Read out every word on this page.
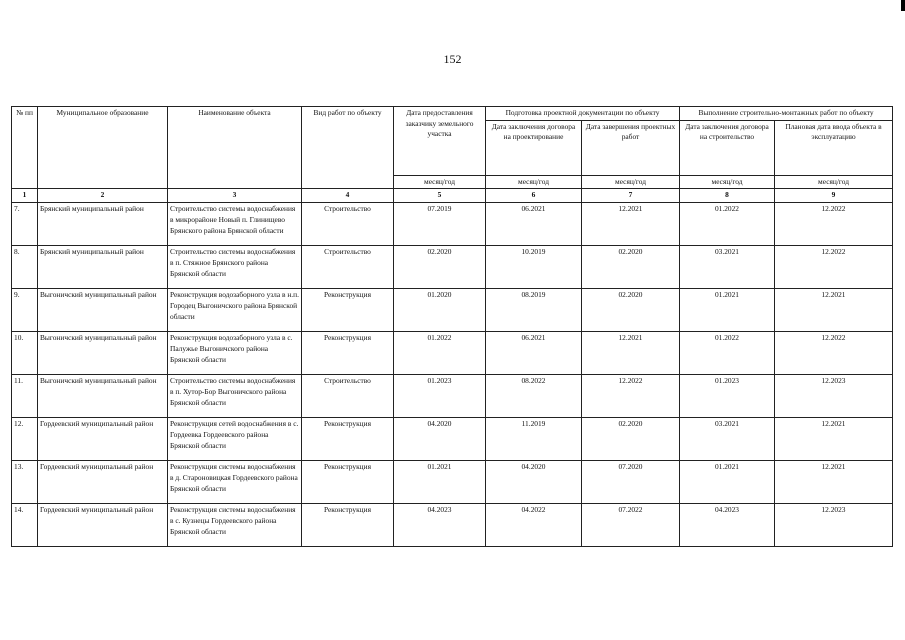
152
№ пп	Муниципальное образование	Наименование объекта	Вид работ по объекту	Дата предоставления заказчику земельного участка	Подготовка проектной документации по объекту		Выполнение строительно-монтажных работ по объекту	
					Дата заключения договора на проектирование	Дата завершения проектных работ	Дата заключения договора на строительство	Плановая дата ввода объекта в эксплуатацию
				месяц/год	месяц/год	месяц/год	месяц/год	месяц/год
1	2	3	4	5	6	7	8	9
7.	Брянский муниципальный район	Строительство системы водоснабжения в микрорайоне Новый п. Глинищево Брянского района Брянской области	Строительство	07.2019	06.2021	12.2021	01.2022	12.2022
8.	Брянский муниципальный район	Строительство системы водоснабжения в п. Стяжное Брянского района Брянской области	Строительство	02.2020	10.2019	02.2020	03.2021	12.2022
9.	Выгоничский муниципальный район	Реконструкция водозаборного узла в н.п. Городец Выгоничского района Брянской области	Реконструкция	01.2020	08.2019	02.2020	01.2021	12.2021
10.	Выгоничский муниципальный район	Реконструкция водозаборного узла в с. Палужье Выгоничского района Брянской области	Реконструкция	01.2022	06.2021	12.2021	01.2022	12.2022
11.	Выгоничский муниципальный район	Строительство системы водоснабжения в п. Хутор-Бор Выгоничского района Брянской области	Строительство	01.2023	08.2022	12.2022	01.2023	12.2023
12.	Гордеевский муниципальный район	Реконструкция сетей водоснабжения в с. Гордеевка Гордеевского района Брянской области	Реконструкция	04.2020	11.2019	02.2020	03.2021	12.2021
13.	Гордеевский муниципальный район	Реконструкция системы водоснабжения в д. Староновицкая Гордеевского района Брянской области	Реконструкция	01.2021	04.2020	07.2020	01.2021	12.2021
14.	Гордеевский муниципальный район	Реконструкция системы водоснабжения в с. Кузнецы Гордеевского района Брянской области	Реконструкция	04.2023	04.2022	07.2022	04.2023	12.2023
